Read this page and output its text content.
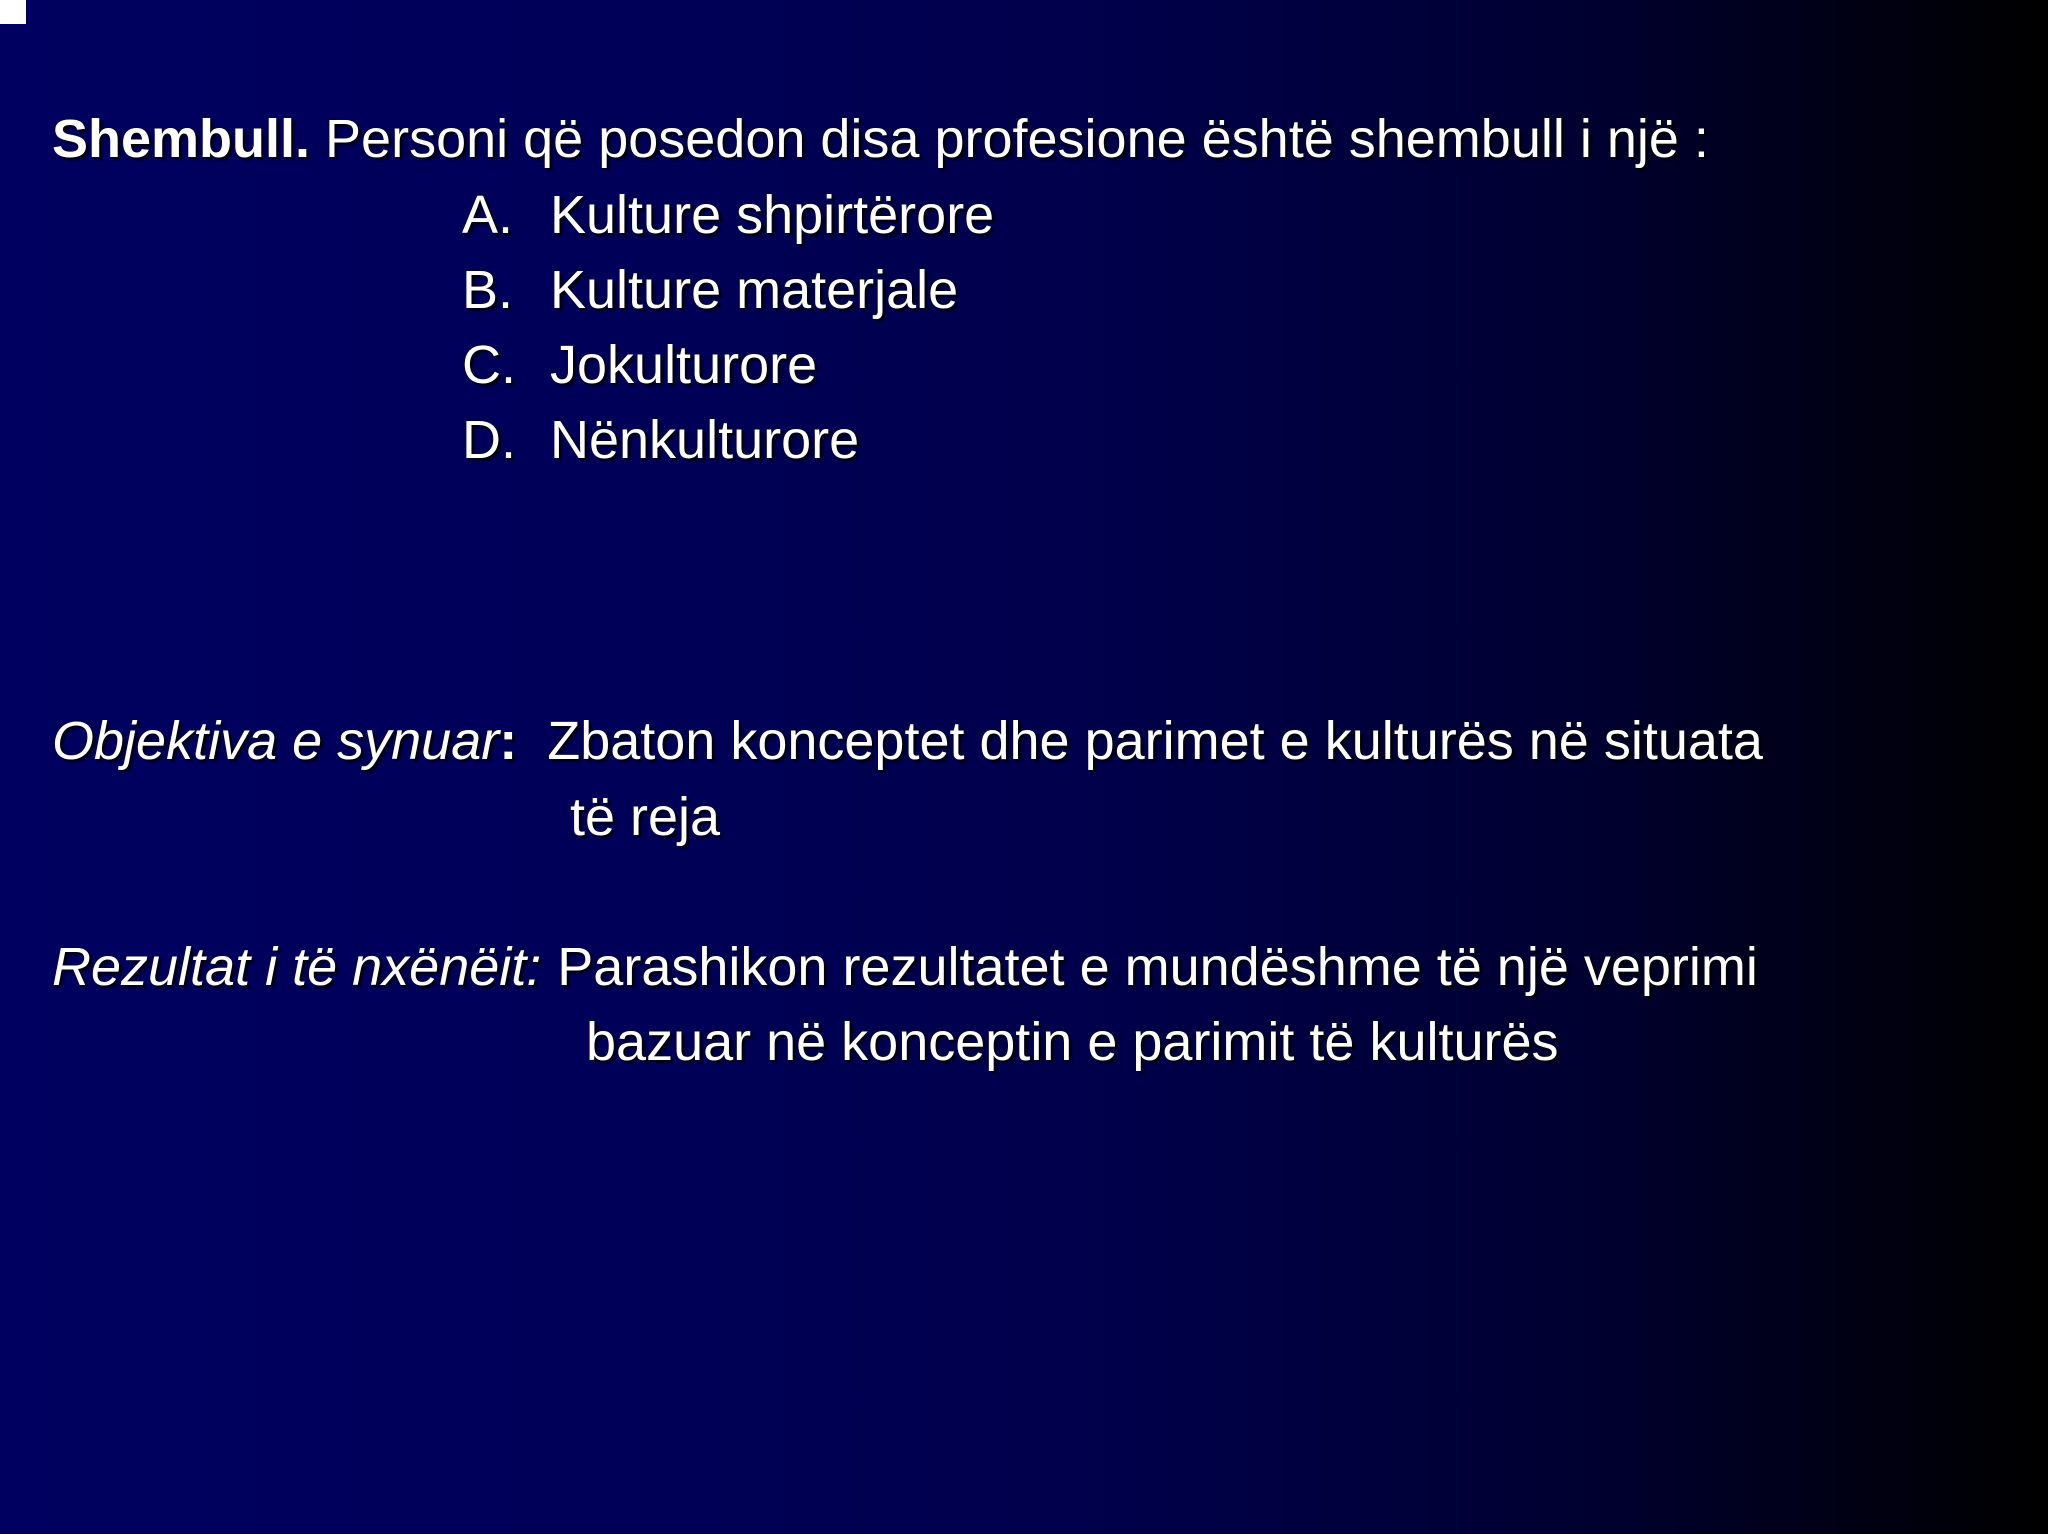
Shembull. Personi që posedon disa profesione është shembull i një :
A. Kulture shpirtërore
B. Kulture materjale
C. Jokulturore
D. Nënkulturore
Objektiva e synuar: Zbaton konceptet dhe parimet e kulturës në situata
të reja
Rezultat i të nxënëit: Parashikon rezultatet e mundëshme të një veprimi
bazuar në konceptin e parimit të kulturës
